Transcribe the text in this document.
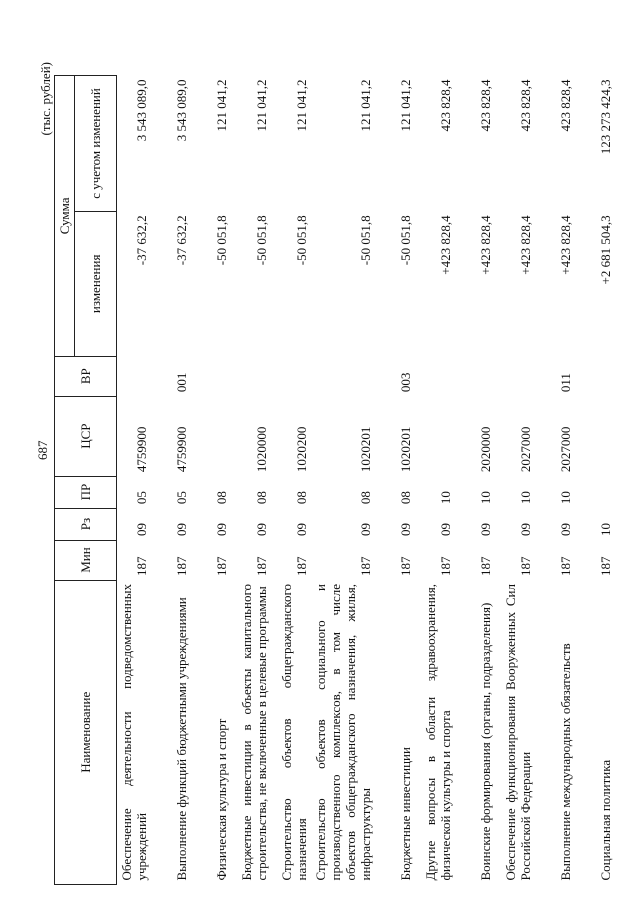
687
(тыс. рублей)
Наименование	Мин	Рз	ПР	ЦСР	ВР	Сумма	
						изменения	с учетом изменений
Обеспечение деятельности подведомственных учреждений	187	09	05	4759900		-37 632,2	3 543 089,0
Выполнение функций бюджетными учреждениями	187	09	05	4759900	001	-37 632,2	3 543 089,0
Физическая культура и спорт	187	09	08			-50 051,8	121 041,2
Бюджетные инвестиции в объекты капитального строительства, не включенные в целевые программы	187	09	08	1020000		-50 051,8	121 041,2
Строительство объектов общегражданского назначения	187	09	08	1020200		-50 051,8	121 041,2
Строительство объектов социального и производственного комплексов, в том числе объектов общегражданского назначения, жилья, инфраструктуры	187	09	08	1020201		-50 051,8	121 041,2
Бюджетные инвестиции	187	09	08	1020201	003	-50 051,8	121 041,2
Другие вопросы в области здравоохранения, физической культуры и спорта	187	09	10			+423 828,4	423 828,4
Воинские формирования (органы, подразделения)	187	09	10	2020000		+423 828,4	423 828,4
Обеспечение функционирования Вооруженных Сил Российской Федерации	187	09	10	2027000		+423 828,4	423 828,4
Выполнение международных обязательств	187	09	10	2027000	011	+423 828,4	423 828,4
Социальная политика	187	10				+2 681 504,3	123 273 424,3
